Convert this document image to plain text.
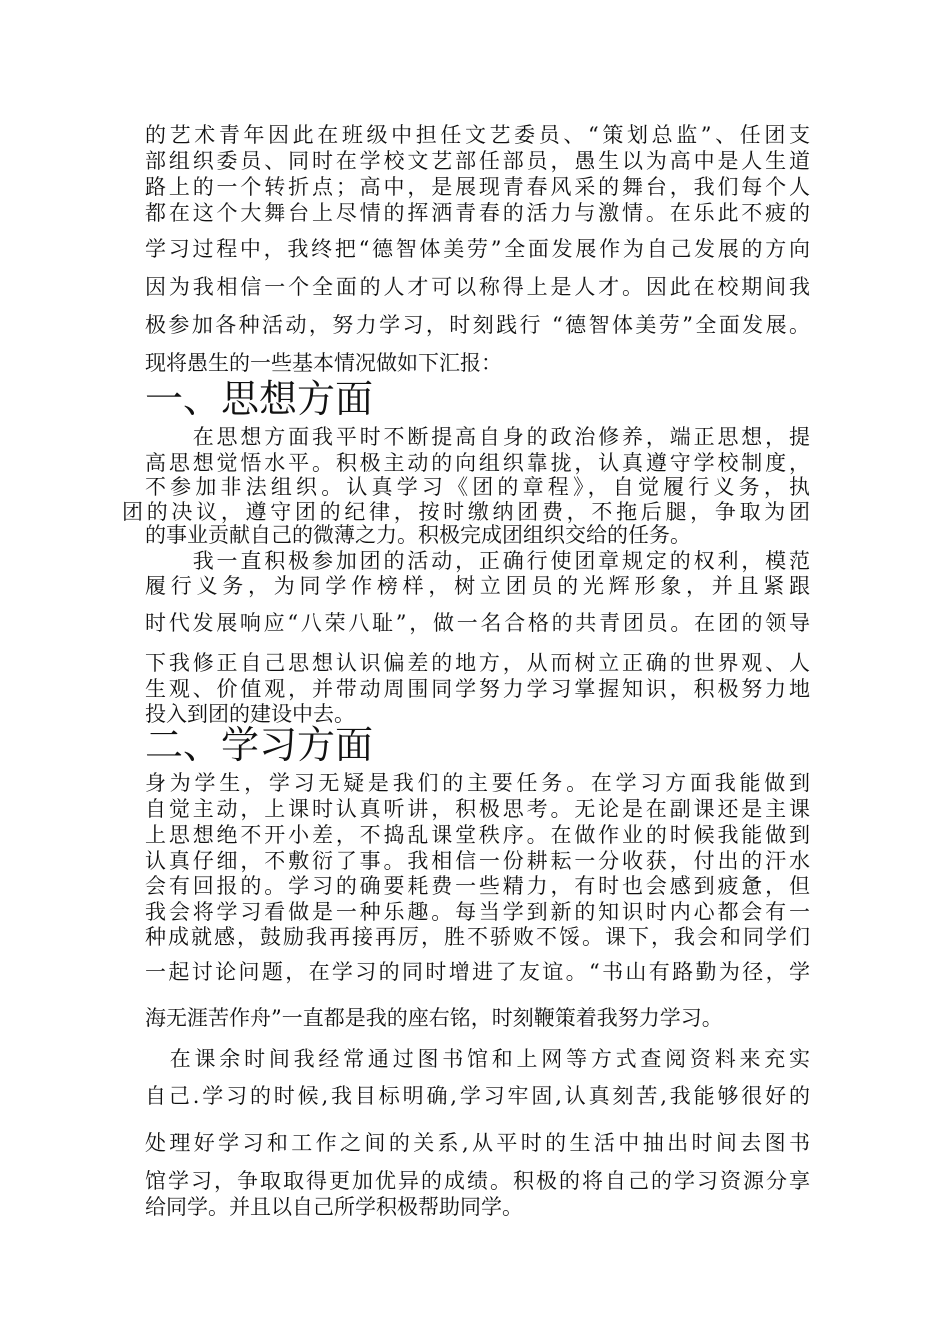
的艺术青年因此在班级中担任文艺委员、“策划总监”、任团支
部组织委员、同时在学校文艺部任部员，愚生以为高中是人生道
路上的一个转折点；高中，是展现青春风采的舞台，我们每个人
都在这个大舞台上尽情的挥洒青春的活力与激情。在乐此不疲的
学习过程中，我终把“德智体美劳”全面发展作为自己发展的方向
因为我相信一个全面的人才可以称得上是人才。因此在校期间我
极参加各种活动，努力学习，时刻践行 “德智体美劳”全面发展。
现将愚生的一些基本情况做如下汇报：
一、思想方面
　　在思想方面我平时不断提高自身的政治修养，端正思想，提
高思想觉悟水平。积极主动的向组织靠拢，认真遵守学校制度，
不参加非法组织。认真学习《团的章程》，自觉履行义务，执
团的决议，遵守团的纪律，按时缴纳团费，不拖后腿，争取为团
的事业贡献自己的微薄之力。积极完成团组织交给的任务。
　　我一直积极参加团的活动，正确行使团章规定的权利，模范
履行义务，为同学作榜样，树立团员的光辉形象，并且紧跟
时代发展响应“八荣八耻”，做一名合格的共青团员。在团的领导
下我修正自己思想认识偏差的地方，从而树立正确的世界观、人
生观、价值观，并带动周围同学努力学习掌握知识，积极努力地
投入到团的建设中去。
二、学习方面
身为学生，学习无疑是我们的主要任务。在学习方面我能做到
自觉主动，上课时认真听讲，积极思考。无论是在副课还是主课
上思想绝不开小差，不捣乱课堂秩序。在做作业的时候我能做到
认真仔细，不敷衍了事。我相信一份耕耘一分收获，付出的汗水
会有回报的。学习的确要耗费一些精力，有时也会感到疲惫，但
我会将学习看做是一种乐趣。每当学到新的知识时内心都会有一
种成就感，鼓励我再接再厉，胜不骄败不馁。课下，我会和同学们
一起讨论问题，在学习的同时增进了友谊。“书山有路勤为径，学
海无涯苦作舟”一直都是我的座右铭，时刻鞭策着我努力学习。
　在课余时间我经常通过图书馆和上网等方式查阅资料来充实
自己.学习的时候,我目标明确,学习牢固,认真刻苦,我能够很好的
处理好学习和工作之间的关系,从平时的生活中抽出时间去图书
馆学习，争取取得更加优异的成绩。积极的将自己的学习资源分享
给同学。并且以自己所学积极帮助同学。
